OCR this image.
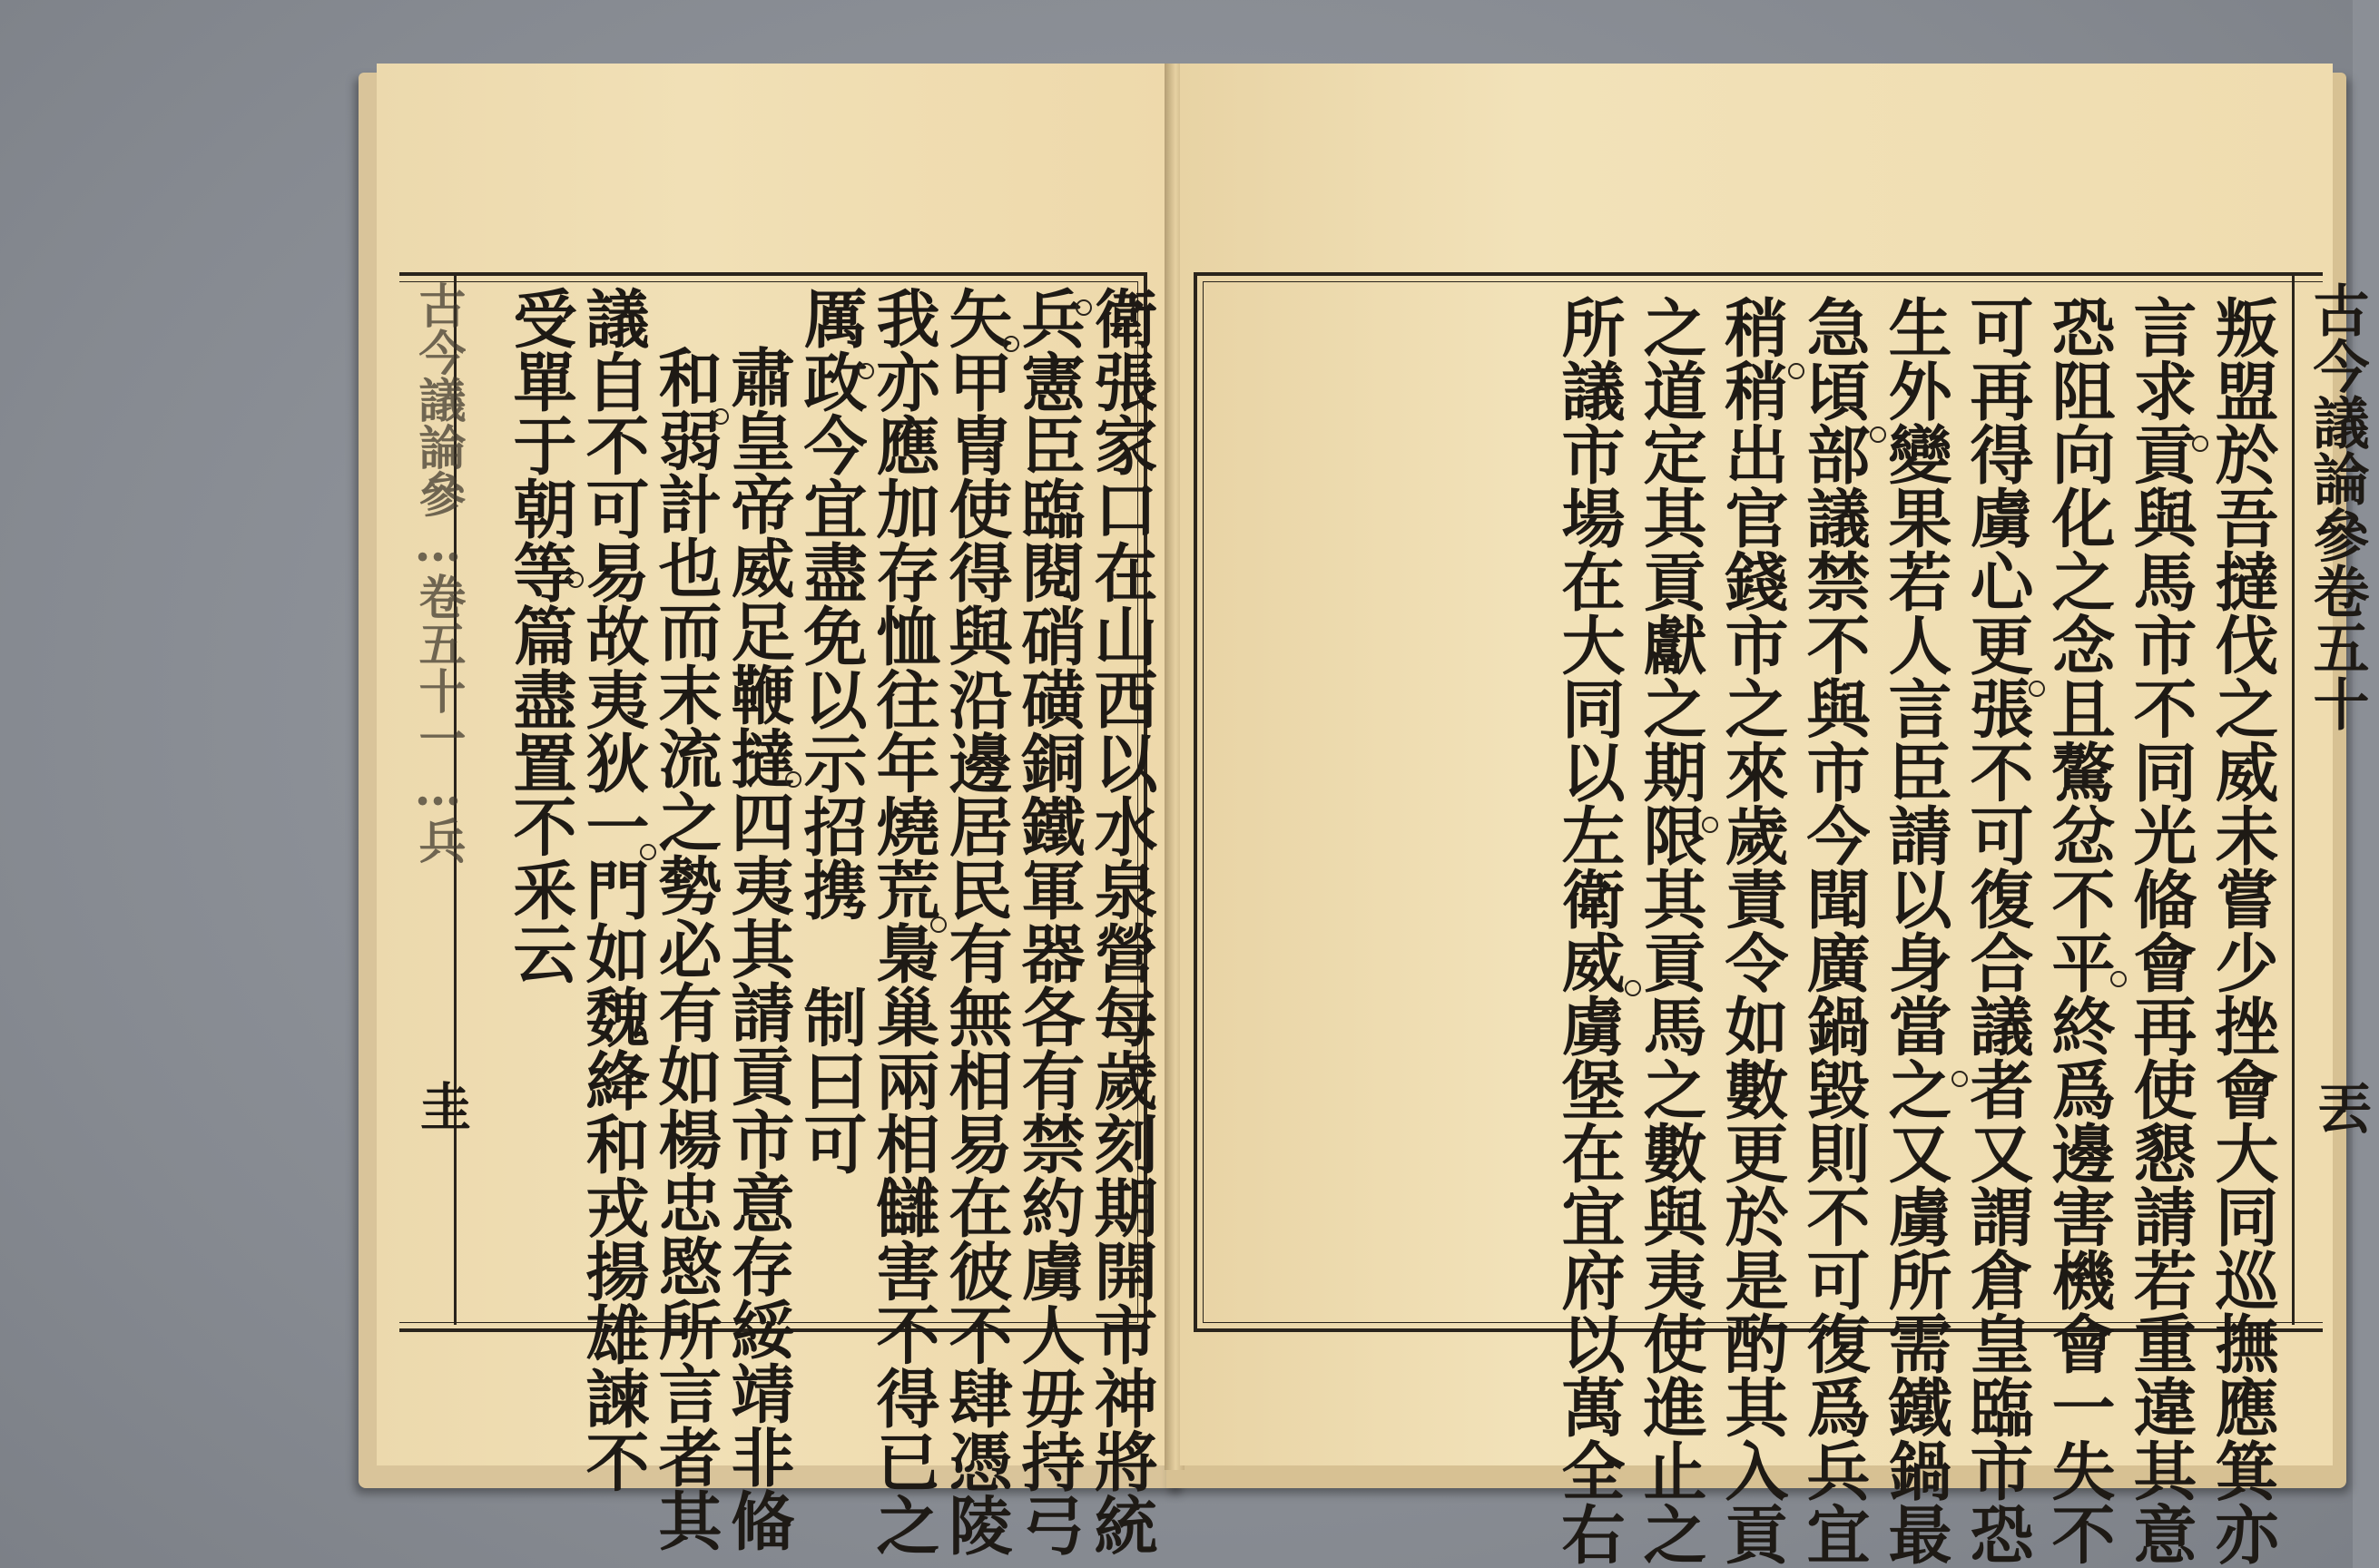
古今議論參…卷五十一…兵
圭	衛張家口在山西以水泉營每歲刻期開市神將統
兵憲臣臨閱硝磺銅鐵軍器各有禁約虜人毋持弓
矢甲冑使得與沿邊居民有無相易在彼不肆憑陵
我亦應加存恤往年燒荒梟巢兩相讎害不得已之
厲政今宜盡免以示招携　制曰可
肅皇帝威足鞭撻四夷其請貢市意存綏靖非偹
和弱計也而末流之勢必有如楊忠愍所言者其
議自不可易故夷狄一門如魏絳和戎揚雄諫不
受單于朝等篇盡置不釆云	古今議論參卷五十
丟
叛盟於吾撻伐之威未嘗少挫會大同巡撫應箕亦
言求貢與馬市不同光偹會再使懇請若重違其意
恐阻向化之念且驁忿不平終爲邊害機會一失不
可再得虜心更張不可復合議者又謂倉皇臨市恐
生外變果若人言臣請以身當之又虜所需鐵鍋最
急頃部議禁不與市今聞廣鍋毀則不可復爲兵宜
稍稍出官錢市之來歲責令如數更於是酌其入貢
之道定其貢獻之期限其貢馬之數與夷使進止之
所議市場在大同以左衛威虜堡在宜府以萬全右
